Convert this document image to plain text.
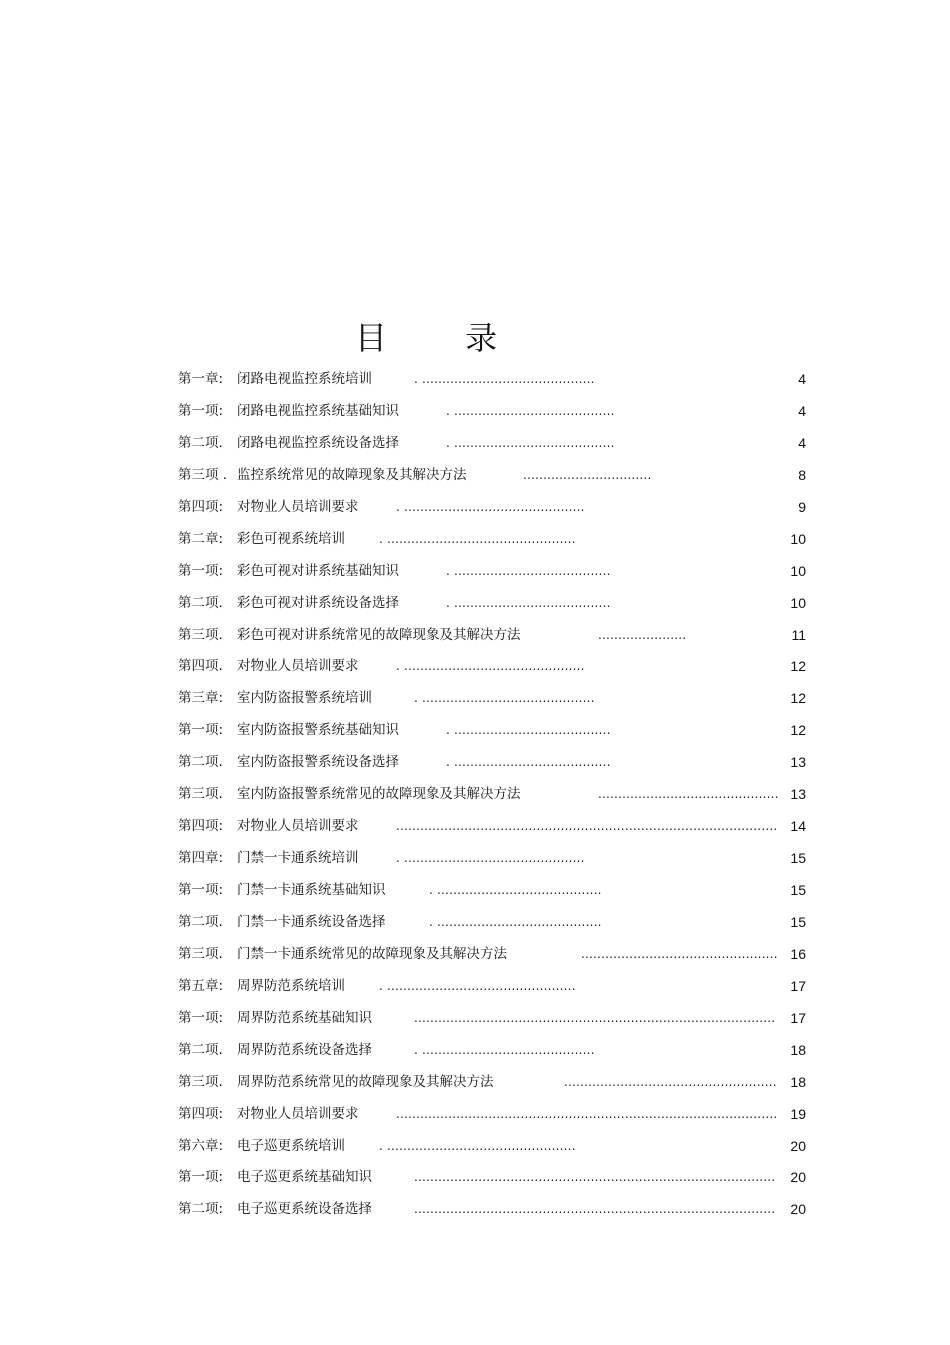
目 录
第一章: 闭路电视监控系统培训	. ...........................................	4
第一项: 闭路电视监控系统基础知识	. ........................................	4
第二项. 闭路电视监控系统设备选择	. ........................................	4
第三项 . 监控系统常见的故障现象及其解决方法	................................	8
第四项: 对物业人员培训要求	. .............................................	9
第二章: 彩色可视系统培训	. ...............................................	10
第一项: 彩色可视对讲系统基础知识	. .......................................	10
第二项. 彩色可视对讲系统设备选择	. .......................................	10
第三项. 彩色可视对讲系统常见的故障现象及其解决方法	......................	11
第四项. 对物业人员培训要求	. .............................................	12
第三章: 室内防盗报警系统培训	. ...........................................	12
第一项: 室内防盗报警系统基础知识	. .......................................	12
第二项. 室内防盗报警系统设备选择	. .......................................	13
第三项. 室内防盗报警系统常见的故障现象及其解决方法	............................................. 13
第四项: 对物业人员培训要求	............................................................................................... 14
第四章: 门禁一卡通系统培训	. .............................................	15
第一项: 门禁一卡通系统基础知识	. .........................................	15
第二项. 门禁一卡通系统设备选择	. .........................................	15
第三项. 门禁一卡通系统常见的故障现象及其解决方法	................................................. 16
第五章: 周界防范系统培训	. ...............................................	17
第一项: 周界防范系统基础知识	..........................................................................................	17
第二项. 周界防范系统设备选择	. ...........................................	18
第三项. 周界防范系统常见的故障现象及其解决方法	..................................................... 18
第四项: 对物业人员培训要求	............................................................................................... 19
第六章: 电子巡更系统培训	. ...............................................	20
第一项: 电子巡更系统基础知识	..........................................................................................	20
第二项: 电子巡更系统设备选择	..........................................................................................	20
